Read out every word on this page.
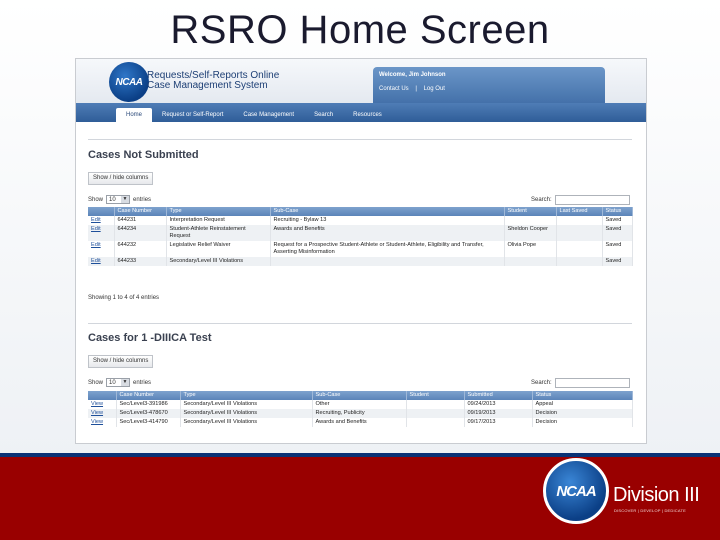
RSRO Home Screen
NCAA
Requests/Self-Reports Online
Case Management System
Welcome, Jim Johnson
Contact Us | Log Out
Home	Request or Self-Report	Case Management	Search	Resources
Cases Not Submitted
Show / hide columns
Show 10	▼ entries	Search:
	Case Number	Type	Sub-Case	Student	Last Saved	Status
Edit	644231	Interpretation Request	Recruiting - Bylaw 13			Saved
Edit	644234	Student-Athlete Reinstatement Request	Awards and Benefits	Sheldon Cooper		Saved
Edit	644232	Legislative Relief Waiver	Request for a Prospective Student-Athlete or Student-Athlete, Eligibility and Transfer, Asserting Misinformation	Olivia Pope		Saved
Edit	644233	Secondary/Level III Violations				Saved
Showing 1 to 4 of 4 entries
Cases for 1 -DIIICA Test
Show / hide columns
Show 10	▼ entries	Search:
	Case Number	Type	Sub-Case	Student	Submitted	Status
View	Sec/Level3-391986	Secondary/Level III Violations	Other		09/24/2013	Appeal
View	Sec/Level3-478670	Secondary/Level III Violations	Recruiting, Publicity		09/19/2013	Decision
View	Sec/Level3-414790	Secondary/Level III Violations	Awards and Benefits		09/17/2013	Decision
NCAA Division III
DISCOVER | DEVELOP | DEDICATE
